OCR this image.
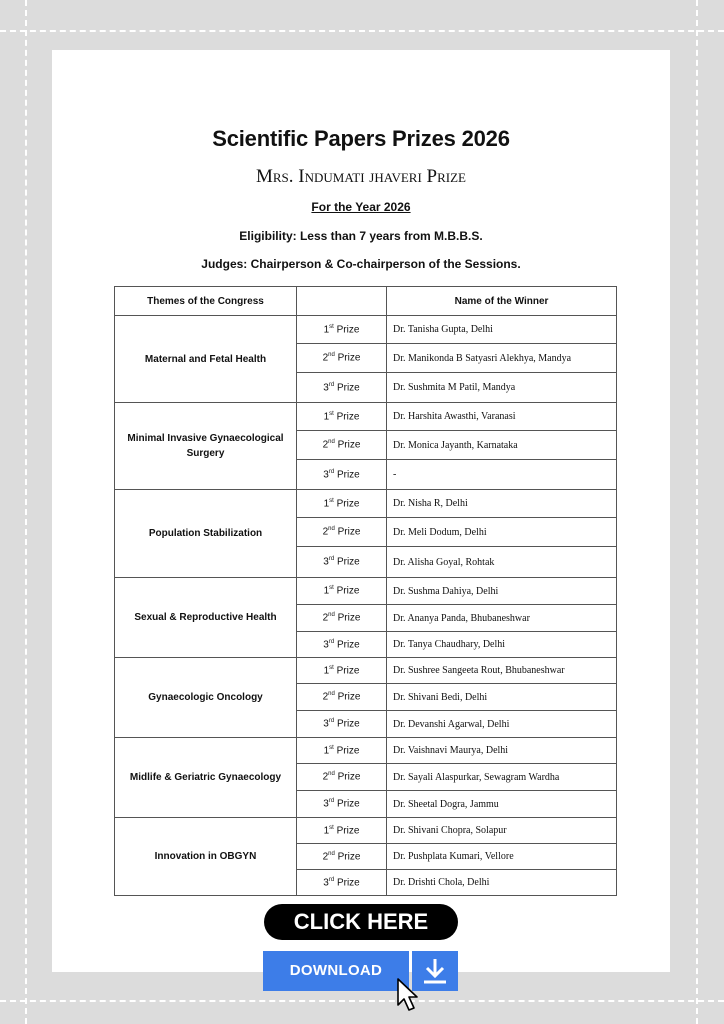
Scientific Papers Prizes 2026
Mrs. Indumati jhaveri Prize
For the Year 2026
Eligibility: Less than 7 years from M.B.B.S.
Judges: Chairperson & Co-chairperson of the Sessions.
Themes of the Congress		Name of the Winner
Maternal and Fetal Health	1st Prize	Dr. Tanisha Gupta, Delhi
	2nd Prize	Dr. Manikonda B Satyasri Alekhya, Mandya
	3rd Prize	Dr. Sushmita M Patil, Mandya
Minimal Invasive Gynaecological Surgery	1st Prize	Dr. Harshita Awasthi, Varanasi
	2nd Prize	Dr. Monica Jayanth, Karnataka
	3rd Prize	-
Population Stabilization	1st Prize	Dr. Nisha R, Delhi
	2nd Prize	Dr. Meli Dodum, Delhi
	3rd Prize	Dr. Alisha Goyal, Rohtak
Sexual & Reproductive Health	1st Prize	Dr. Sushma Dahiya, Delhi
	2nd Prize	Dr. Ananya Panda, Bhubaneshwar
	3rd Prize	Dr. Tanya Chaudhary, Delhi
Gynaecologic Oncology	1st Prize	Dr. Sushree Sangeeta Rout, Bhubaneshwar
	2nd Prize	Dr. Shivani Bedi, Delhi
	3rd Prize	Dr. Devanshi Agarwal, Delhi
Midlife & Geriatric Gynaecology	1st Prize	Dr. Vaishnavi Maurya, Delhi
	2nd Prize	Dr. Sayali Alaspurkar, Sewagram Wardha
	3rd Prize	Dr. Sheetal Dogra, Jammu
Innovation in OBGYN	1st Prize	Dr. Shivani Chopra, Solapur
	2nd Prize	Dr. Pushplata Kumari, Vellore
	3rd Prize	Dr. Drishti Chola, Delhi
CLICK HERE
DOWNLOAD
